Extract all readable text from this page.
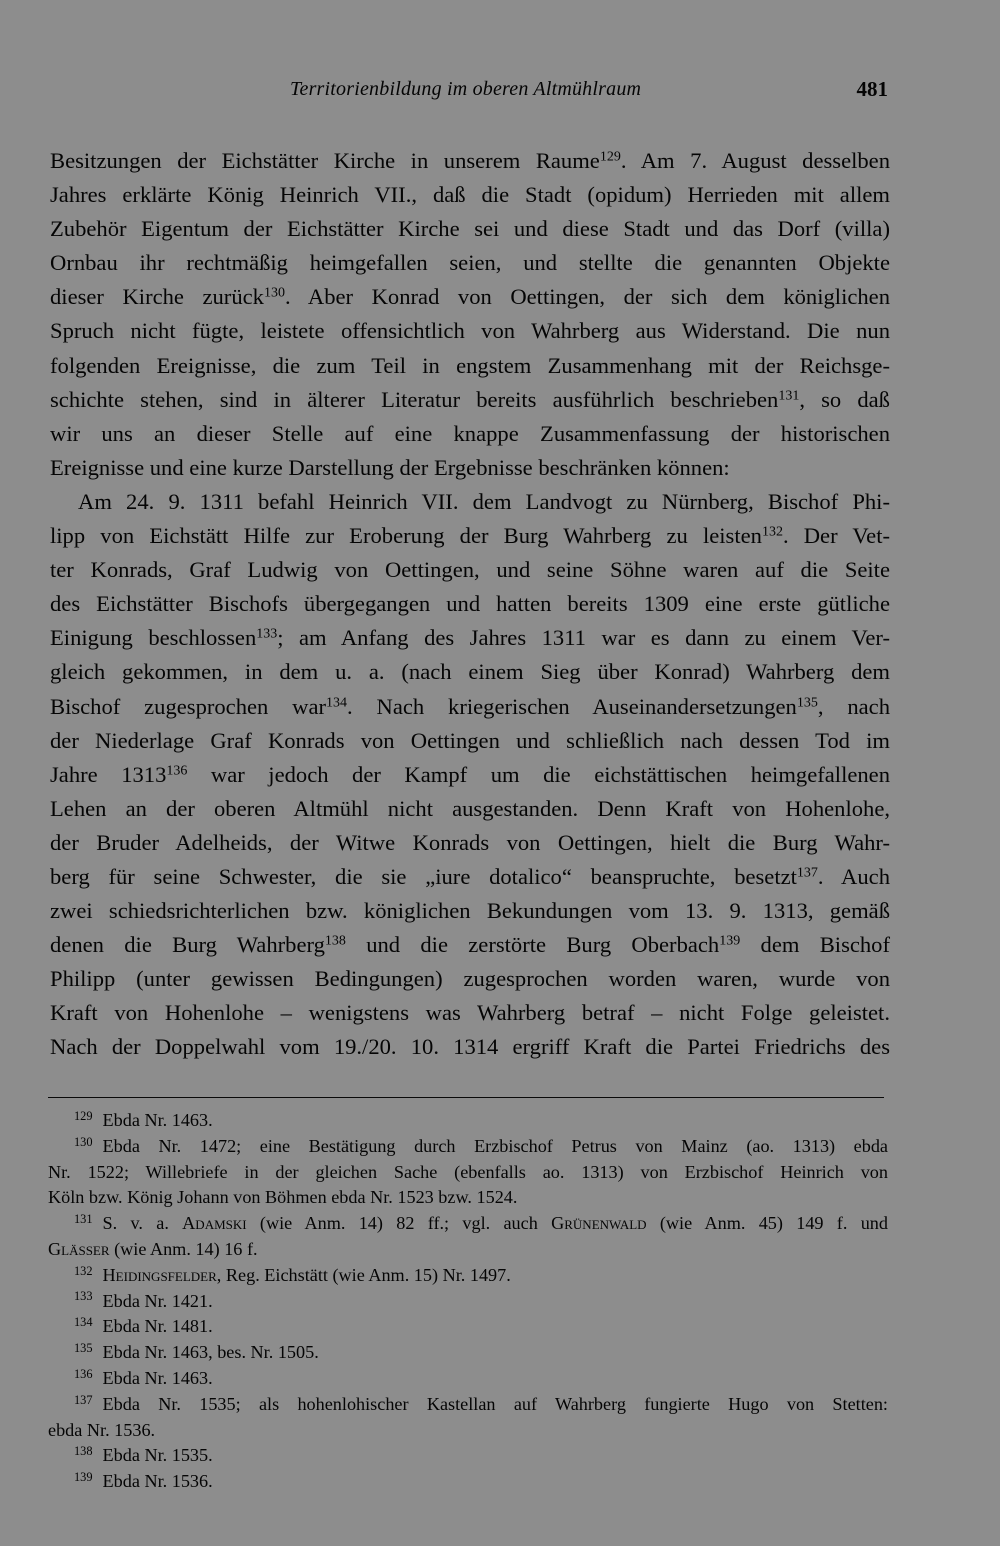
Territorienbildung im oberen Altmühlraum	481
Besitzungen der Eichstätter Kirche in unserem Raume$^{129}$. Am 7. August desselben
Jahres erklärte König Heinrich VII., daß die Stadt (opidum) Herrieden mit allem
Zubehör Eigentum der Eichstätter Kirche sei und diese Stadt und das Dorf (villa)
Ornbau ihr rechtmäßig heimgefallen seien, und stellte die genannten Objekte
dieser Kirche zurück$^{130}$. Aber Konrad von Oettingen, der sich dem königlichen
Spruch nicht fügte, leistete offensichtlich von Wahrberg aus Widerstand. Die nun
folgenden Ereignisse, die zum Teil in engstem Zusammenhang mit der Reichsge-
schichte stehen, sind in älterer Literatur bereits ausführlich beschrieben$^{131}$, so daß
wir uns an dieser Stelle auf eine knappe Zusammenfassung der historischen
Ereignisse und eine kurze Darstellung der Ergebnisse beschränken können:
Am 24. 9. 1311 befahl Heinrich VII. dem Landvogt zu Nürnberg, Bischof Phi-
lipp von Eichstätt Hilfe zur Eroberung der Burg Wahrberg zu leisten$^{132}$. Der Vet-
ter Konrads, Graf Ludwig von Oettingen, und seine Söhne waren auf die Seite
des Eichstätter Bischofs übergegangen und hatten bereits 1309 eine erste gütliche
Einigung beschlossen$^{133}$; am Anfang des Jahres 1311 war es dann zu einem Ver-
gleich gekommen, in dem u. a. (nach einem Sieg über Konrad) Wahrberg dem
Bischof zugesprochen war$^{134}$. Nach kriegerischen Auseinandersetzungen$^{135}$, nach
der Niederlage Graf Konrads von Oettingen und schließlich nach dessen Tod im
Jahre 1313$^{136}$ war jedoch der Kampf um die eichstättischen heimgefallenen
Lehen an der oberen Altmühl nicht ausgestanden. Denn Kraft von Hohenlohe,
der Bruder Adelheids, der Witwe Konrads von Oettingen, hielt die Burg Wahr-
berg für seine Schwester, die sie „iure dotalico“ beanspruchte, besetzt$^{137}$. Auch
zwei schiedsrichterlichen bzw. königlichen Bekundungen vom 13. 9. 1313, gemäß
denen die Burg Wahrberg$^{138}$ und die zerstörte Burg Oberbach$^{139}$ dem Bischof
Philipp (unter gewissen Bedingungen) zugesprochen worden waren, wurde von
Kraft von Hohenlohe – wenigstens was Wahrberg betraf – nicht Folge geleistet.
Nach der Doppelwahl vom 19./20. 10. 1314 ergriff Kraft die Partei Friedrichs des
$^{129}$ Ebda Nr. 1463.
$^{130}$ Ebda Nr. 1472; eine Bestätigung durch Erzbischof Petrus von Mainz (ao. 1313) ebda
Nr. 1522; Willebriefe in der gleichen Sache (ebenfalls ao. 1313) von Erzbischof Heinrich von
Köln bzw. König Johann von Böhmen ebda Nr. 1523 bzw. 1524.
$^{131}$ S. v. a. Adamski (wie Anm. 14) 82 ff.; vgl. auch Grünenwald (wie Anm. 45) 149 f. und
Glässer (wie Anm. 14) 16 f.
$^{132}$ Heidingsfelder, Reg. Eichstätt (wie Anm. 15) Nr. 1497.
$^{133}$ Ebda Nr. 1421.
$^{134}$ Ebda Nr. 1481.
$^{135}$ Ebda Nr. 1463, bes. Nr. 1505.
$^{136}$ Ebda Nr. 1463.
$^{137}$ Ebda Nr. 1535; als hohenlohischer Kastellan auf Wahrberg fungierte Hugo von Stetten:
ebda Nr. 1536.
$^{138}$ Ebda Nr. 1535.
$^{139}$ Ebda Nr. 1536.
